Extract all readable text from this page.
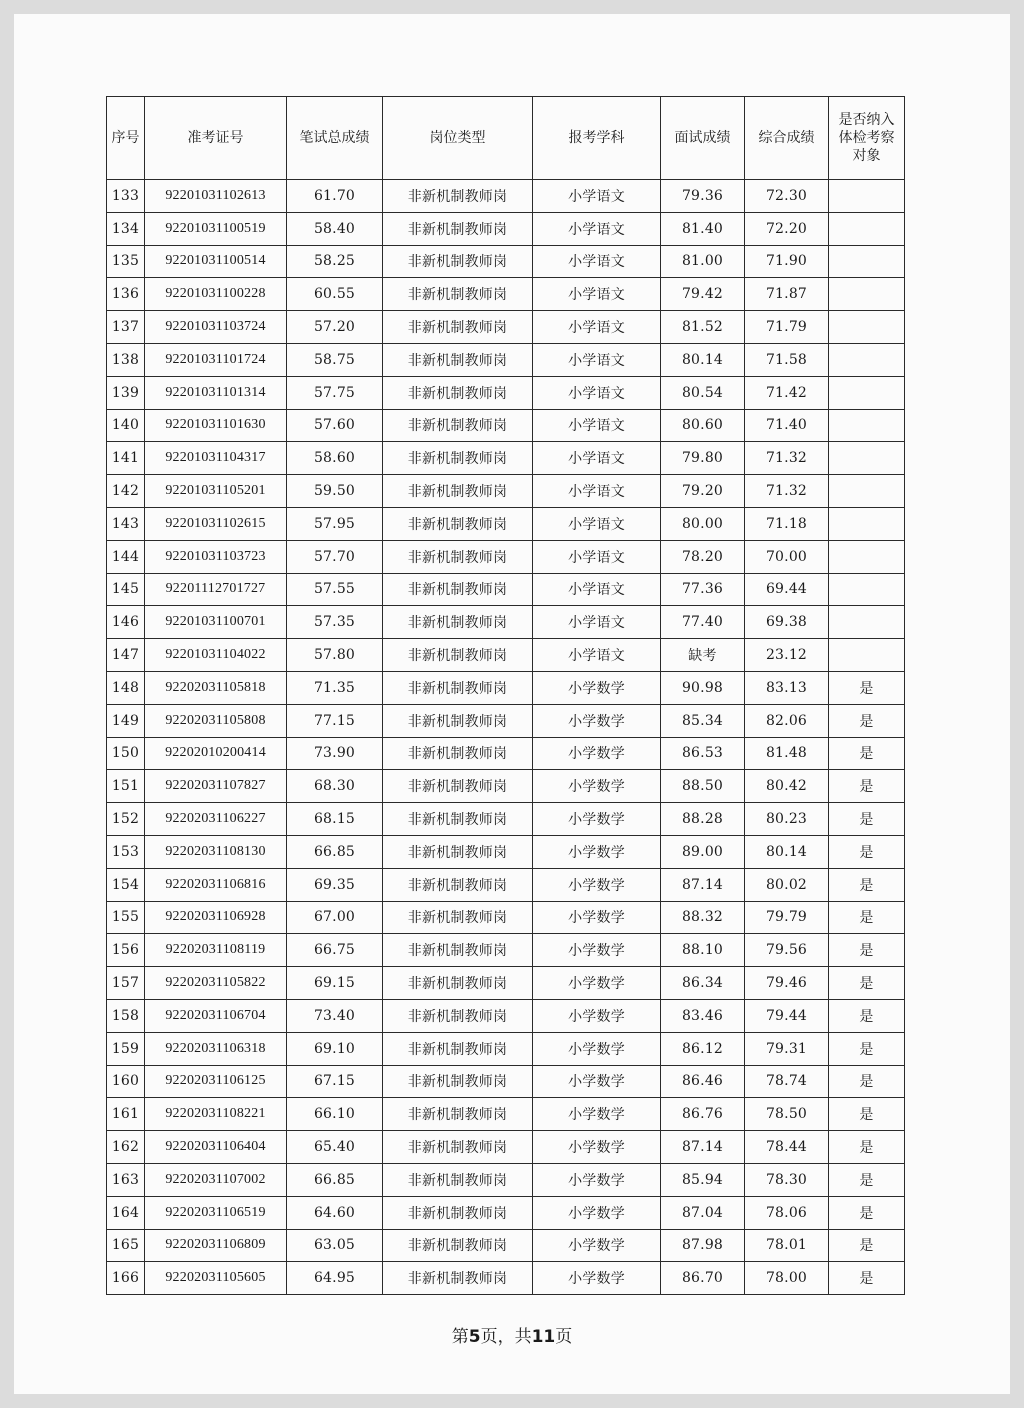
序号	准考证号	笔试总成绩	岗位类型	报考学科	面试成绩	综合成绩	是否纳入体检考察对象
133	92201031102613	61.70	非新机制教师岗	小学语文	79.36	72.30	
134	92201031100519	58.40	非新机制教师岗	小学语文	81.40	72.20	
135	92201031100514	58.25	非新机制教师岗	小学语文	81.00	71.90	
136	92201031100228	60.55	非新机制教师岗	小学语文	79.42	71.87	
137	92201031103724	57.20	非新机制教师岗	小学语文	81.52	71.79	
138	92201031101724	58.75	非新机制教师岗	小学语文	80.14	71.58	
139	92201031101314	57.75	非新机制教师岗	小学语文	80.54	71.42	
140	92201031101630	57.60	非新机制教师岗	小学语文	80.60	71.40	
141	92201031104317	58.60	非新机制教师岗	小学语文	79.80	71.32	
142	92201031105201	59.50	非新机制教师岗	小学语文	79.20	71.32	
143	92201031102615	57.95	非新机制教师岗	小学语文	80.00	71.18	
144	92201031103723	57.70	非新机制教师岗	小学语文	78.20	70.00	
145	92201112701727	57.55	非新机制教师岗	小学语文	77.36	69.44	
146	92201031100701	57.35	非新机制教师岗	小学语文	77.40	69.38	
147	92201031104022	57.80	非新机制教师岗	小学语文	缺考	23.12	
148	92202031105818	71.35	非新机制教师岗	小学数学	90.98	83.13	是
149	92202031105808	77.15	非新机制教师岗	小学数学	85.34	82.06	是
150	92202010200414	73.90	非新机制教师岗	小学数学	86.53	81.48	是
151	92202031107827	68.30	非新机制教师岗	小学数学	88.50	80.42	是
152	92202031106227	68.15	非新机制教师岗	小学数学	88.28	80.23	是
153	92202031108130	66.85	非新机制教师岗	小学数学	89.00	80.14	是
154	92202031106816	69.35	非新机制教师岗	小学数学	87.14	80.02	是
155	92202031106928	67.00	非新机制教师岗	小学数学	88.32	79.79	是
156	92202031108119	66.75	非新机制教师岗	小学数学	88.10	79.56	是
157	92202031105822	69.15	非新机制教师岗	小学数学	86.34	79.46	是
158	92202031106704	73.40	非新机制教师岗	小学数学	83.46	79.44	是
159	92202031106318	69.10	非新机制教师岗	小学数学	86.12	79.31	是
160	92202031106125	67.15	非新机制教师岗	小学数学	86.46	78.74	是
161	92202031108221	66.10	非新机制教师岗	小学数学	86.76	78.50	是
162	92202031106404	65.40	非新机制教师岗	小学数学	87.14	78.44	是
163	92202031107002	66.85	非新机制教师岗	小学数学	85.94	78.30	是
164	92202031106519	64.60	非新机制教师岗	小学数学	87.04	78.06	是
165	92202031106809	63.05	非新机制教师岗	小学数学	87.98	78.01	是
166	92202031105605	64.95	非新机制教师岗	小学数学	86.70	78.00	是
第5页，共11页
